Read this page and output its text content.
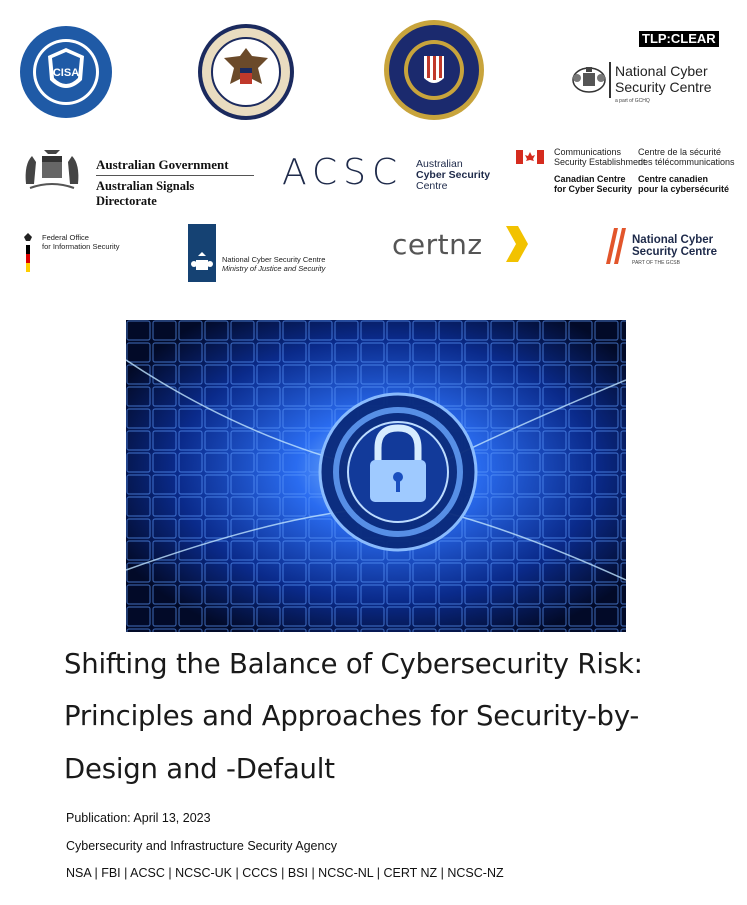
TLP:CLEAR
CISA	National Cyber
Security Centre
a part of GCHQ
Australian Government
Australian Signals Directorate
ACSC Australian
Cyber Security
Centre
Communications
Security Establishment
Centre de la sécurité
des télécommunications
Canadian Centre
for Cyber Security
Centre canadien
pour la cybersécurité
Federal Office
for Information Security
National Cyber Security Centre
Ministry of Justice and Security
certnz	National Cyber
Security Centre
PART OF THE GCSB
Shifting the Balance of Cybersecurity Risk:
Principles and Approaches for Security-by-
Design and -Default
Publication: April 13, 2023
Cybersecurity and Infrastructure Security Agency
NSA | FBI | ACSC | NCSC-UK | CCCS | BSI | NCSC-NL | CERT NZ | NCSC-NZ
